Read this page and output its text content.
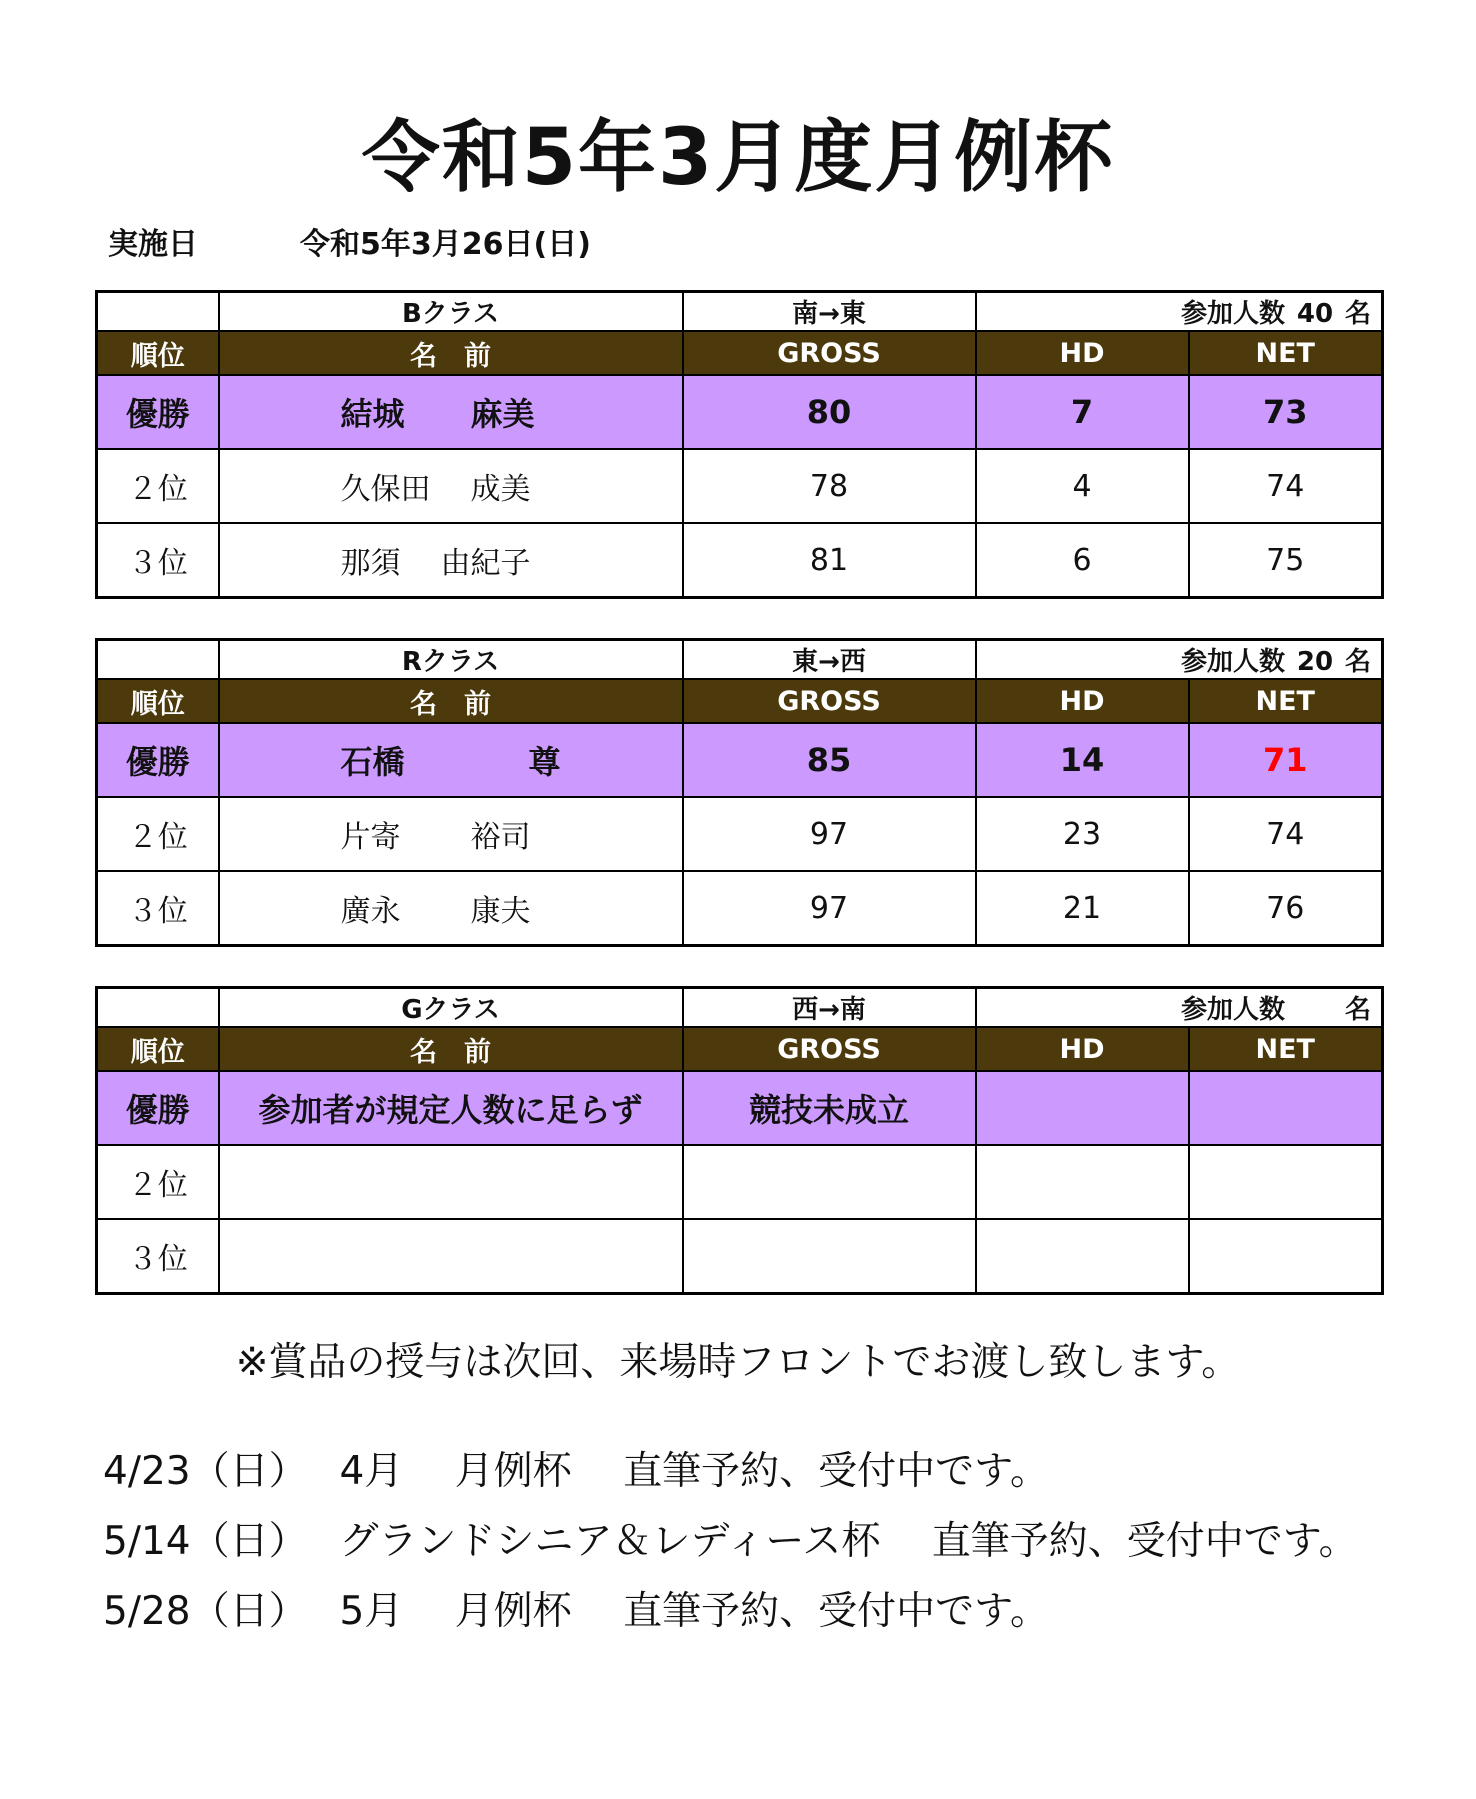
令和5年3月度月例杯
実施日	令和5年3月26日(日)
	Bクラス	南→東	参加人数 40 名	
順位	名　前	GROSS	HD	NET
優勝	結城 麻美	80	7	73
２位	久保田 成美	78	4	74
３位	那須 由紀子	81	6	75
	Rクラス	東→西	参加人数 20 名	
順位	名　前	GROSS	HD	NET
優勝	石橋 尊	85	14	71
２位	片寄 裕司	97	23	74
３位	廣永 康夫	97	21	76
	Gクラス	西→南	参加人数 名	
順位	名　前	GROSS	HD	NET
優勝	参加者が規定人数に足らず	競技未成立		
２位				
３位				
※賞品の授与は次回、来場時フロントでお渡し致します。
4/23（日）　 4月　 月例杯　 直筆予約、受付中です。
5/14（日）　 グランドシニア＆レディース杯　 直筆予約、受付中です。
5/28（日）　 5月　 月例杯　 直筆予約、受付中です。
